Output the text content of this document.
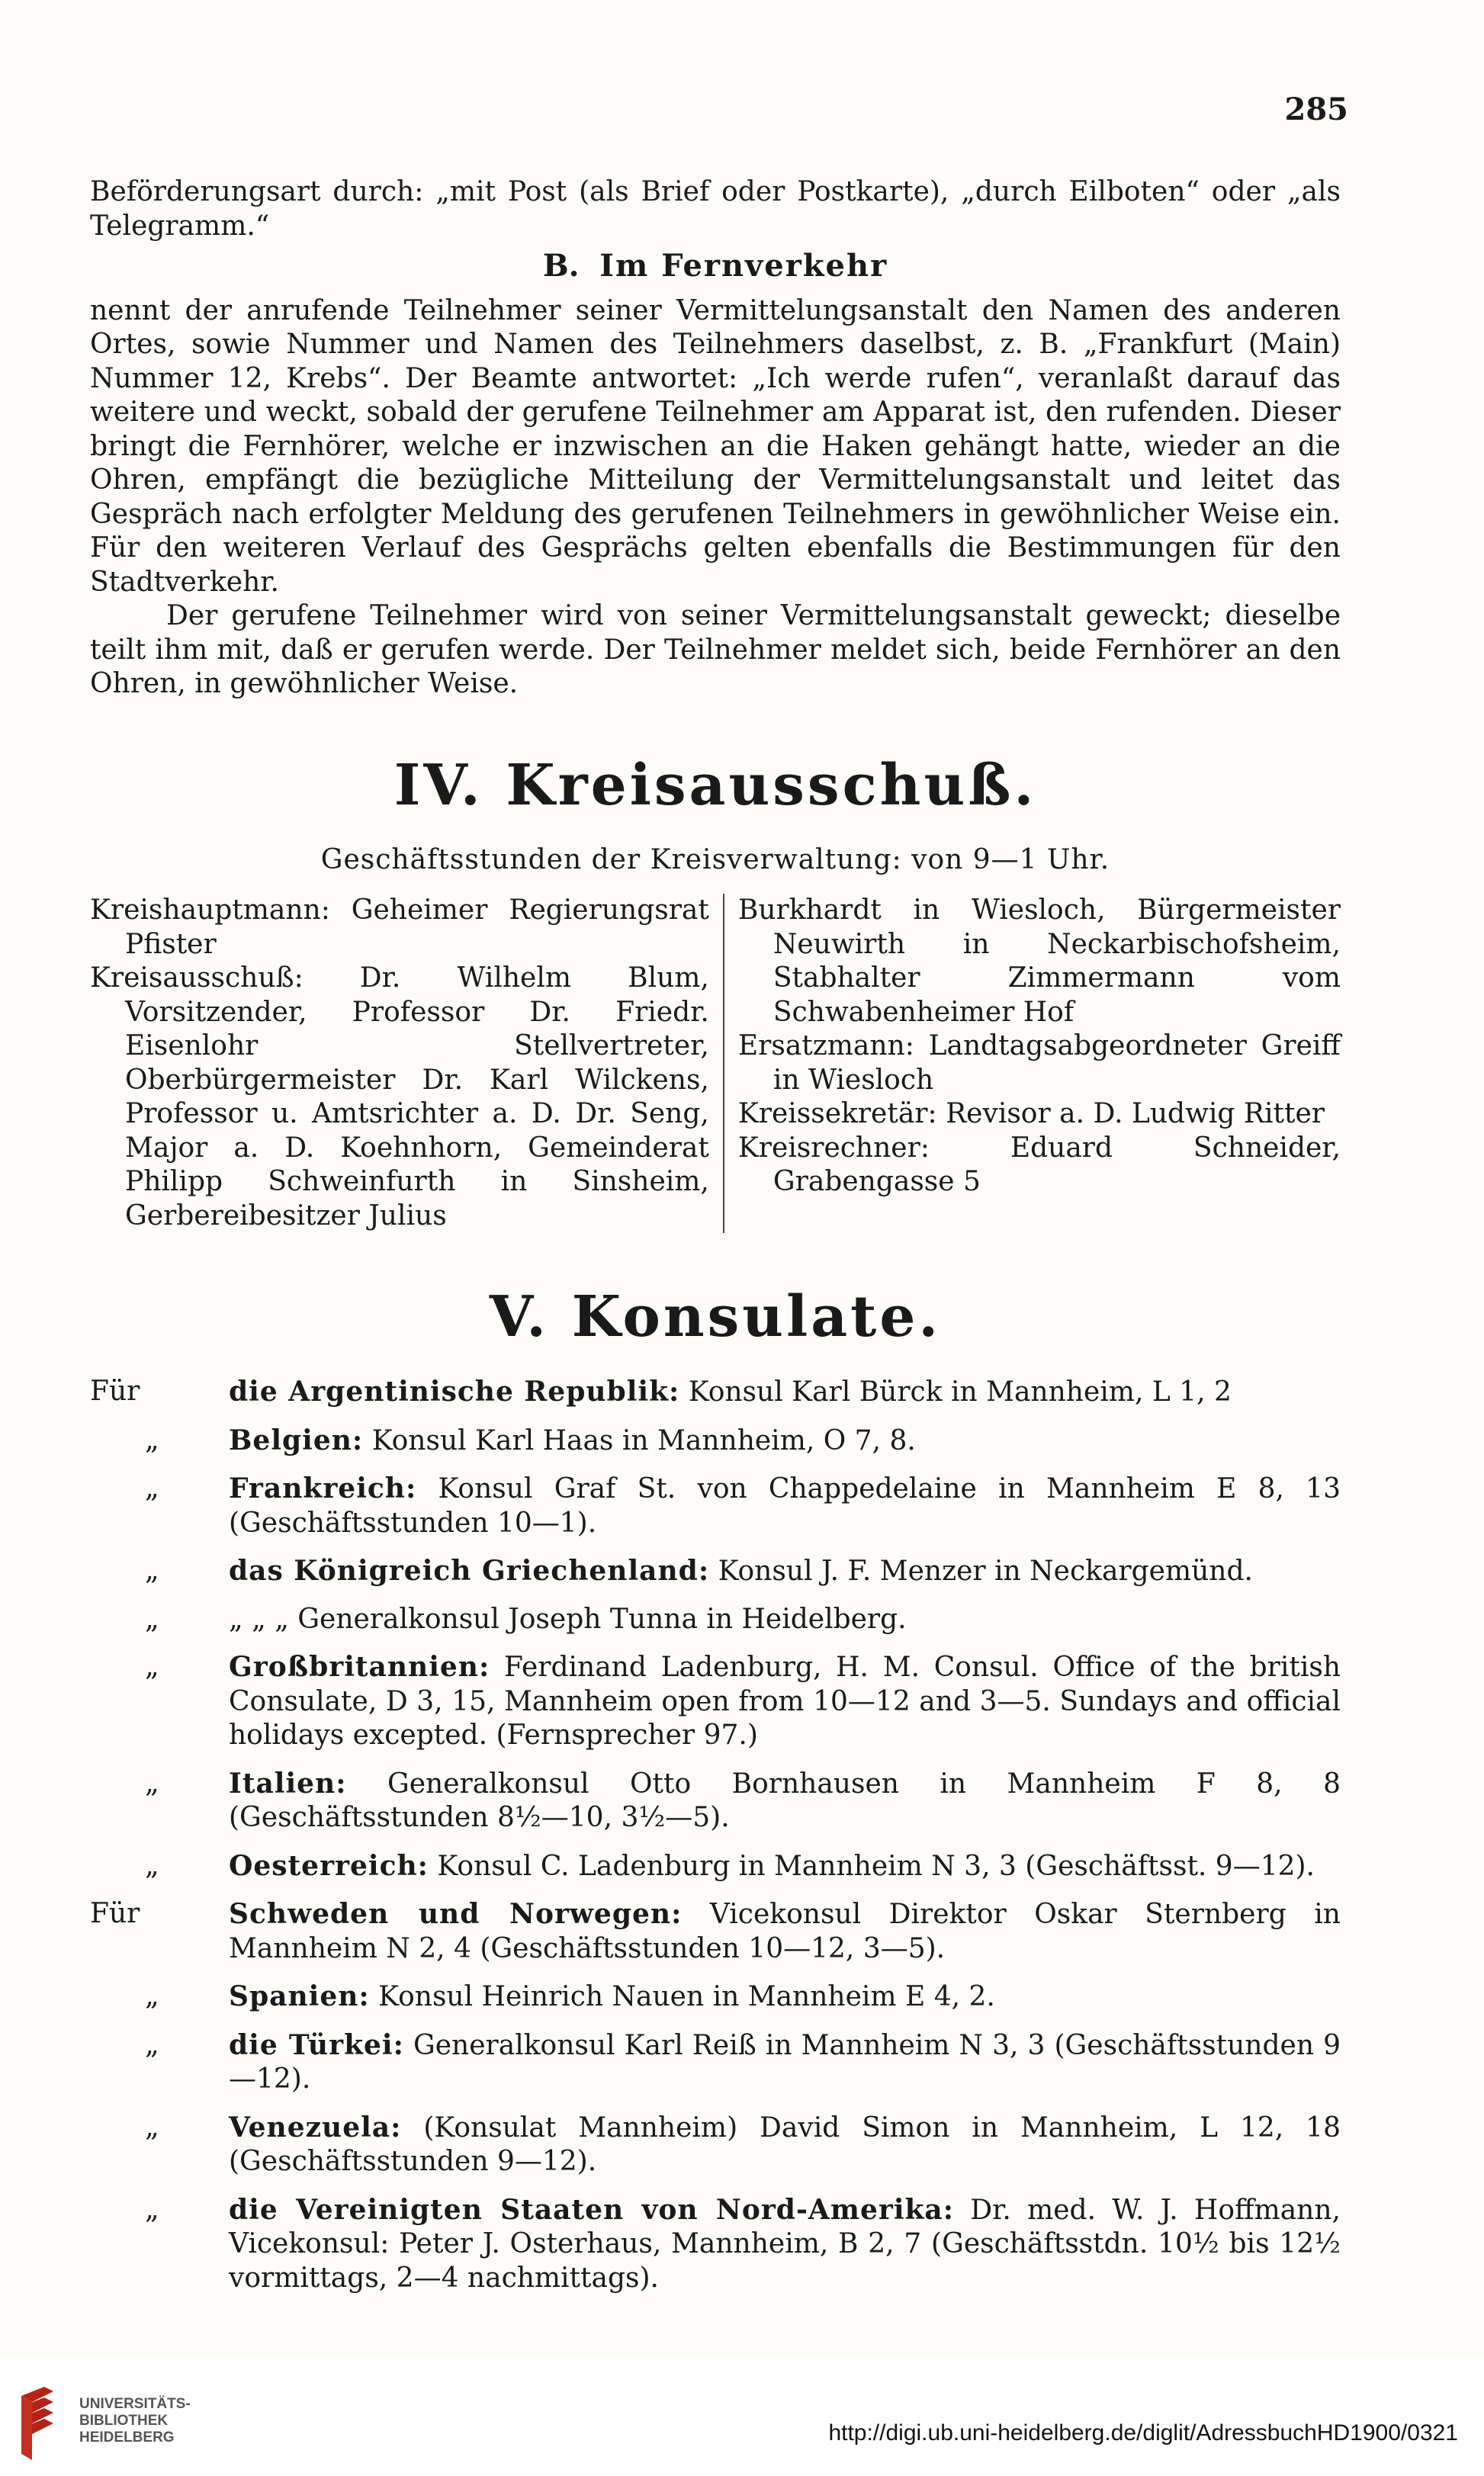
285

Beförderungsart durch: „mit Post (als Brief oder Postkarte), „durch Eilboten“ oder „als Telegramm.“

B. Im Fernverkehr

nennt der anrufende Teilnehmer seiner Vermittelungsanstalt den Namen des anderen Ortes, sowie Nummer und Namen des Teilnehmers daselbst, z. B. „Frankfurt (Main) Nummer 12, Krebs“. Der Beamte antwortet: „Ich werde rufen“, veranlaßt darauf das weitere und weckt, sobald der gerufene Teilnehmer am Apparat ist, den rufenden. Dieser bringt die Fernhörer, welche er inzwischen an die Haken gehängt hatte, wieder an die Ohren, empfängt die bezügliche Mitteilung der Vermittelungsanstalt und leitet das Gespräch nach erfolgter Meldung des gerufenen Teilnehmers in gewöhnlicher Weise ein. Für den weiteren Verlauf des Gesprächs gelten ebenfalls die Bestimmungen für den Stadtverkehr.

Der gerufene Teilnehmer wird von seiner Vermittelungsanstalt geweckt; dieselbe teilt ihm mit, daß er gerufen werde. Der Teilnehmer meldet sich, beide Fernhörer an den Ohren, in gewöhnlicher Weise.

IV. Kreisausschuß.

Geschäftsstunden der Kreisverwaltung: von 9—1 Uhr.

Kreishauptmann: Geheimer Regierungsrat Pfister

Kreisausschuß: Dr. Wilhelm Blum, Vorsitzender, Professor Dr. Friedr. Eisenlohr Stellvertreter, Oberbürgermeister Dr. Karl Wilckens, Professor u. Amtsrichter a. D. Dr. Seng, Major a. D. Koehnhorn, Gemeinderat Philipp Schweinfurth in Sinsheim, Gerbereibesitzer Julius

Burkhardt in Wiesloch, Bürgermeister Neuwirth in Neckarbischofsheim, Stabhalter Zimmermann vom Schwabenheimer Hof

Ersatzmann: Landtagsabgeordneter Greiff in Wiesloch

Kreissekretär: Revisor a. D. Ludwig Ritter

Kreisrechner: Eduard Schneider, Grabengasse 5

V. Konsulate.

Für	die Argentinische Republik: Konsul Karl Bürck in Mannheim, L 1, 2

„	Belgien: Konsul Karl Haas in Mannheim, O 7, 8.

„	Frankreich: Konsul Graf St. von Chappedelaine in Mannheim E 8, 13 (Geschäftsstunden 10—1).

„	das Königreich Griechenland: Konsul J. F. Menzer in Neckargemünd.

„	„ „ „ Generalkonsul Joseph Tunna in Heidelberg.

„	Großbritannien: Ferdinand Ladenburg, H. M. Consul. Office of the british Consulate, D 3, 15, Mannheim open from 10—12 and 3—5. Sundays and official holidays excepted. (Fernsprecher 97.)

„	Italien: Generalkonsul Otto Bornhausen in Mannheim F 8, 8 (Geschäftsstunden 8½—10, 3½—5).

„	Oesterreich: Konsul C. Ladenburg in Mannheim N 3, 3 (Geschäftsst. 9—12).

Für	Schweden und Norwegen: Vicekonsul Direktor Oskar Sternberg in Mannheim N 2, 4 (Geschäftsstunden 10—12, 3—5).

„	Spanien: Konsul Heinrich Nauen in Mannheim E 4, 2.

„	die Türkei: Generalkonsul Karl Reiß in Mannheim N 3, 3 (Geschäftsstunden 9—12).

„	Venezuela: (Konsulat Mannheim) David Simon in Mannheim, L 12, 18 (Geschäftsstunden 9—12).

„	die Vereinigten Staaten von Nord-Amerika: Dr. med. W. J. Hoffmann, Vicekonsul: Peter J. Osterhaus, Mannheim, B 2, 7 (Geschäftsstdn. 10½ bis 12½ vormittags, 2—4 nachmittags).

UNIVERSITÄTS-
BIBLIOTHEK
HEIDELBERG	http://digi.ub.uni-heidelberg.de/diglit/AdressbuchHD1900/0321
